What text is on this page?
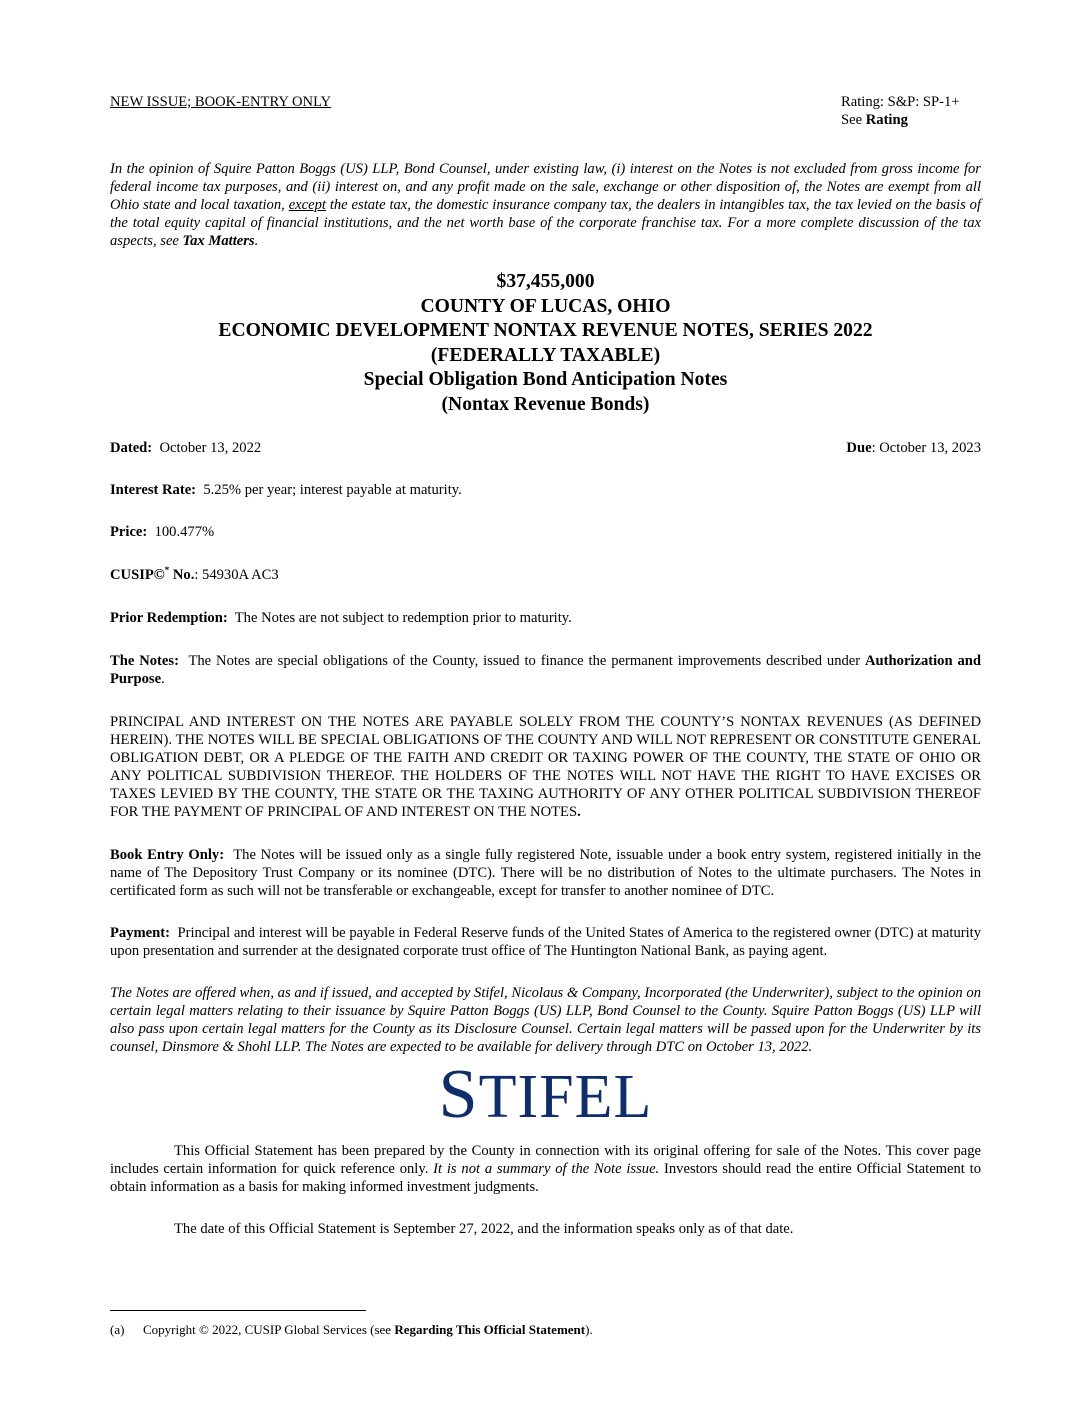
NEW ISSUE; BOOK-ENTRY ONLY	Rating: S&P: SP-1+
See Rating
In the opinion of Squire Patton Boggs (US) LLP, Bond Counsel, under existing law, (i) interest on the Notes is not excluded from gross income for federal income tax purposes, and (ii) interest on, and any profit made on the sale, exchange or other disposition of, the Notes are exempt from all Ohio state and local taxation, except the estate tax, the domestic insurance company tax, the dealers in intangibles tax, the tax levied on the basis of the total equity capital of financial institutions, and the net worth base of the corporate franchise tax. For a more complete discussion of the tax aspects, see Tax Matters.
$37,455,000
COUNTY OF LUCAS, OHIO
ECONOMIC DEVELOPMENT NONTAX REVENUE NOTES, SERIES 2022
(FEDERALLY TAXABLE)
Special Obligation Bond Anticipation Notes
(Nontax Revenue Bonds)
Dated: October 13, 2022	Due: October 13, 2023
Interest Rate: 5.25% per year; interest payable at maturity.
Price: 100.477%
CUSIP©* No.: 54930A AC3
Prior Redemption: The Notes are not subject to redemption prior to maturity.
The Notes: The Notes are special obligations of the County, issued to finance the permanent improvements described under Authorization and Purpose.
PRINCIPAL AND INTEREST ON THE NOTES ARE PAYABLE SOLELY FROM THE COUNTY’S NONTAX REVENUES (AS DEFINED HEREIN). THE NOTES WILL BE SPECIAL OBLIGATIONS OF THE COUNTY AND WILL NOT REPRESENT OR CONSTITUTE GENERAL OBLIGATION DEBT, OR A PLEDGE OF THE FAITH AND CREDIT OR TAXING POWER OF THE COUNTY, THE STATE OF OHIO OR ANY POLITICAL SUBDIVISION THEREOF. THE HOLDERS OF THE NOTES WILL NOT HAVE THE RIGHT TO HAVE EXCISES OR TAXES LEVIED BY THE COUNTY, THE STATE OR THE TAXING AUTHORITY OF ANY OTHER POLITICAL SUBDIVISION THEREOF FOR THE PAYMENT OF PRINCIPAL OF AND INTEREST ON THE NOTES.
Book Entry Only: The Notes will be issued only as a single fully registered Note, issuable under a book entry system, registered initially in the name of The Depository Trust Company or its nominee (DTC). There will be no distribution of Notes to the ultimate purchasers. The Notes in certificated form as such will not be transferable or exchangeable, except for transfer to another nominee of DTC.
Payment: Principal and interest will be payable in Federal Reserve funds of the United States of America to the registered owner (DTC) at maturity upon presentation and surrender at the designated corporate trust office of The Huntington National Bank, as paying agent.
The Notes are offered when, as and if issued, and accepted by Stifel, Nicolaus & Company, Incorporated (the Underwriter), subject to the opinion on certain legal matters relating to their issuance by Squire Patton Boggs (US) LLP, Bond Counsel to the County. Squire Patton Boggs (US) LLP will also pass upon certain legal matters for the County as its Disclosure Counsel. Certain legal matters will be passed upon for the Underwriter by its counsel, Dinsmore & Shohl LLP. The Notes are expected to be available for delivery through DTC on October 13, 2022.
STIFEL
This Official Statement has been prepared by the County in connection with its original offering for sale of the Notes. This cover page includes certain information for quick reference only. It is not a summary of the Note issue. Investors should read the entire Official Statement to obtain information as a basis for making informed investment judgments.
The date of this Official Statement is September 27, 2022, and the information speaks only as of that date.
(a) Copyright © 2022, CUSIP Global Services (see Regarding This Official Statement).
